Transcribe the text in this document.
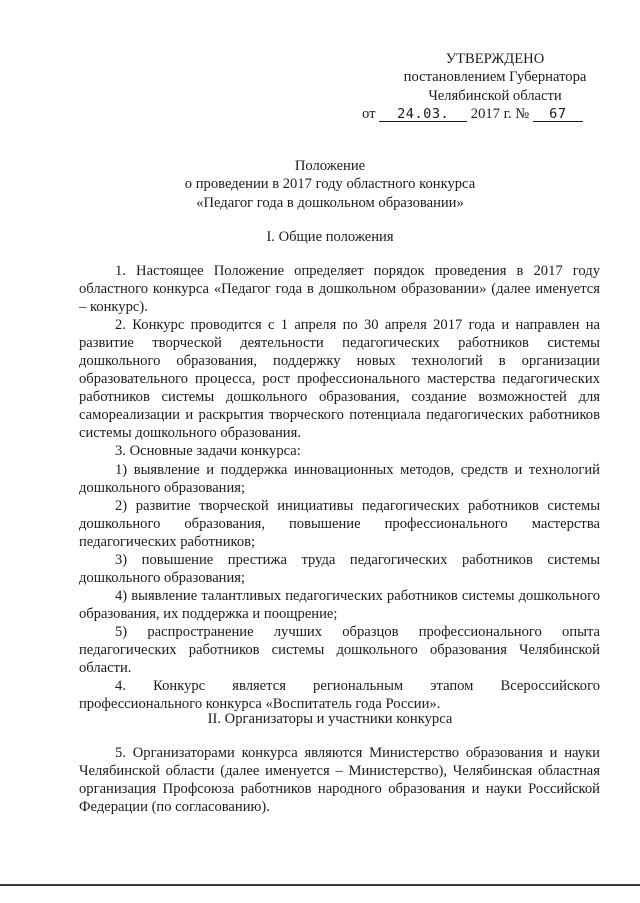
УТВЕРЖДЕНО
постановлением Губернатора
Челябинской области
от 24.03. 2017 г. № 67
Положение
о проведении в 2017 году областного конкурса
«Педагог года в дошкольном образовании»
I. Общие положения

1. Настоящее Положение определяет порядок проведения в 2017 году областного конкурса «Педагог года в дошкольном образовании» (далее именуется – конкурс).

2. Конкурс проводится с 1 апреля по 30 апреля 2017 года и направлен на развитие творческой деятельности педагогических работников системы дошкольного образования, поддержку новых технологий в организации образовательного процесса, рост профессионального мастерства педагогических работников системы дошкольного образования, создание возможностей для самореализации и раскрытия творческого потенциала педагогических работников системы дошкольного образования.

3. Основные задачи конкурса:

1) выявление и поддержка инновационных методов, средств и технологий дошкольного образования;

2) развитие творческой инициативы педагогических работников системы дошкольного образования, повышение профессионального мастерства педагогических работников;

3) повышение престижа труда педагогических работников системы дошкольного образования;

4) выявление талантливых педагогических работников системы дошкольного образования, их поддержка и поощрение;

5) распространение лучших образцов профессионального опыта педагогических работников системы дошкольного образования Челябинской области.

4. Конкурс является региональным этапом Всероссийского профессионального конкурса «Воспитатель года России».

II. Организаторы и участники конкурса

5. Организаторами конкурса являются Министерство образования и науки Челябинской области (далее именуется – Министерство), Челябинская областная организация Профсоюза работников народного образования и науки Российской Федерации (по согласованию).
